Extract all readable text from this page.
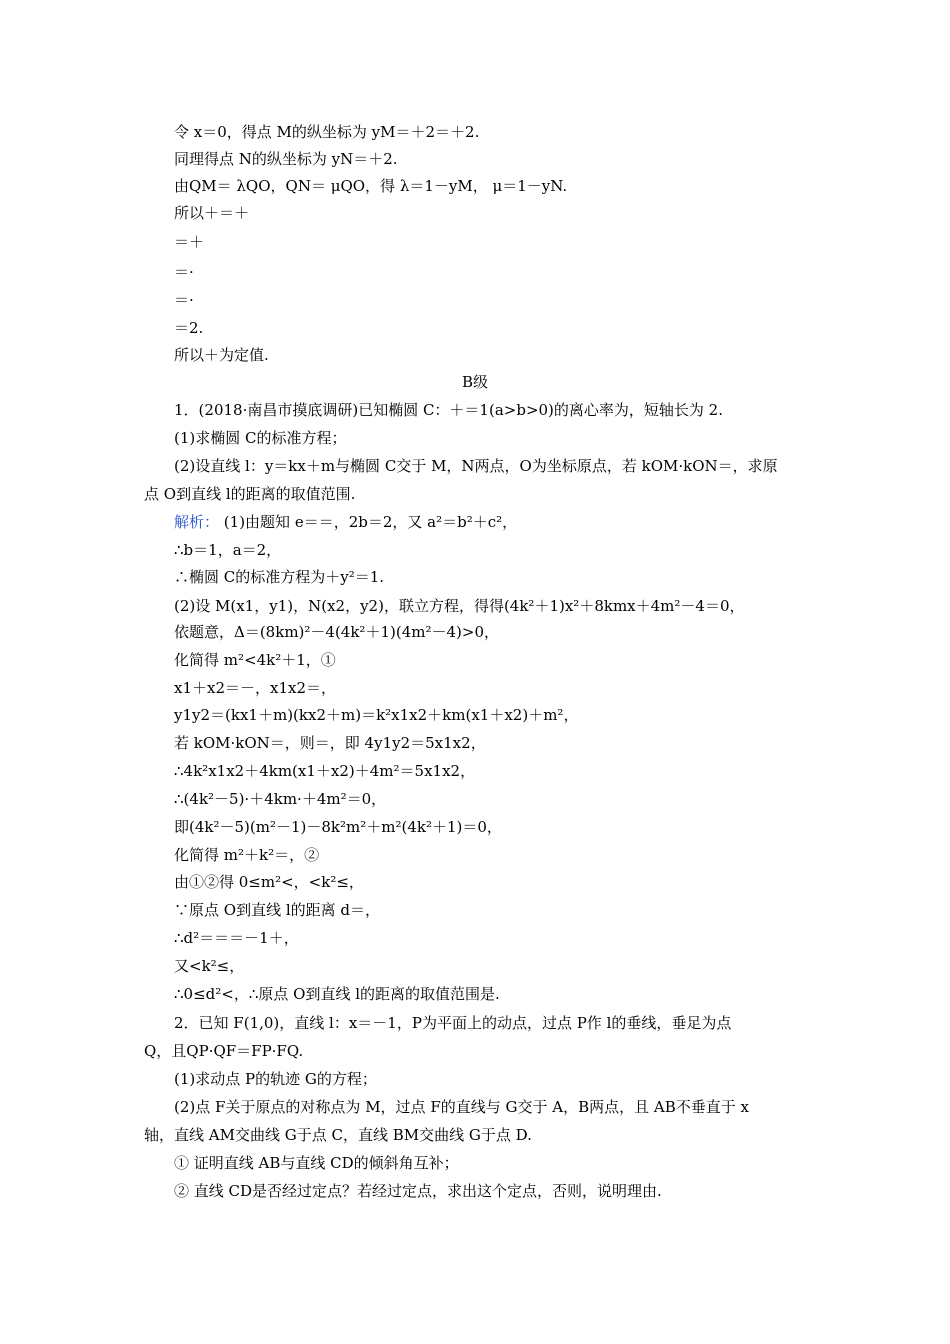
令 x＝0，得点 M的纵坐标为 yM＝＋2＝＋2.
同理得点 N的纵坐标为 yN＝＋2.
由QM＝ λQO，QN＝ μQO，得 λ＝1－yM， μ＝1－yN.
所以＋＝＋
＝＋
＝·
＝·
＝2.
所以＋为定值.
B级
1．(2018·南昌市摸底调研)已知椭圆 C：＋＝1(a>b>0)的离心率为，短轴长为 2.
(1)求椭圆 C的标准方程；
(2)设直线 l：y＝kx＋m与椭圆 C交于 M，N两点，O为坐标原点，若 kOM·kON＝，求原
点 O到直线 l的距离的取值范围.
解析： (1)由题知 e＝＝，2b＝2，又 a²＝b²＋c²，
∴b＝1，a＝2，
∴椭圆 C的标准方程为＋y²＝1.
(2)设 M(x1，y1)，N(x2，y2)，联立方程，得得(4k²＋1)x²＋8kmx＋4m²－4＝0，
依题意，Δ＝(8km)²－4(4k²＋1)(4m²－4)>0，
化简得 m²<4k²＋1，①
x1＋x2＝－，x1x2＝，
y1y2＝(kx1＋m)(kx2＋m)＝k²x1x2＋km(x1＋x2)＋m²，
若 kOM·kON＝，则＝，即 4y1y2＝5x1x2，
∴4k²x1x2＋4km(x1＋x2)＋4m²＝5x1x2，
∴(4k²－5)·＋4km·＋4m²＝0，
即(4k²－5)(m²－1)－8k²m²＋m²(4k²＋1)＝0，
化简得 m²＋k²＝，②
由①②得 0≤m²<，<k²≤，
∵原点 O到直线 l的距离 d＝，
∴d²＝＝＝－1＋，
又<k²≤，
∴0≤d²<，∴原点 O到直线 l的距离的取值范围是.
2．已知 F(1,0)，直线 l：x＝－1，P为平面上的动点，过点 P作 l的垂线，垂足为点
Q，且QP·QF＝FP·FQ.
(1)求动点 P的轨迹 G的方程；
(2)点 F关于原点的对称点为 M，过点 F的直线与 G交于 A，B两点，且 AB不垂直于 x
轴，直线 AM交曲线 G于点 C，直线 BM交曲线 G于点 D.
① 证明直线 AB与直线 CD的倾斜角互补；
② 直线 CD是否经过定点？若经过定点，求出这个定点，否则，说明理由.
